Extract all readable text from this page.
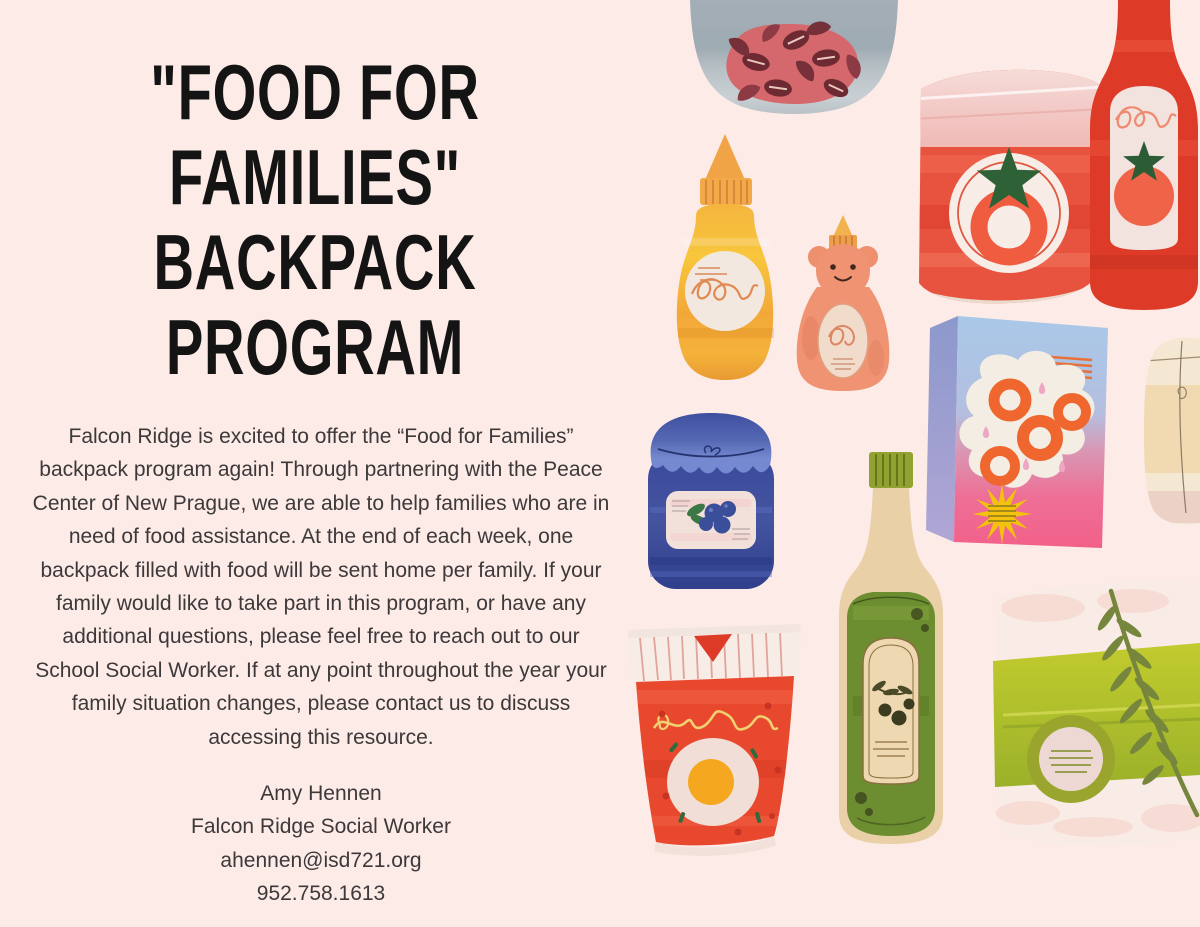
"FOOD FOR
FAMILIES"
BACKPACK
PROGRAM

Falcon Ridge is excited to offer the “Food for Families” backpack program again! Through partnering with the Peace Center of New Prague, we are able to help families who are in need of food assistance. At the end of each week, one backpack filled with food will be sent home per family. If your family would like to take part in this program, or have any additional questions, please feel free to reach out to our School Social Worker. If at any point throughout the year your family situation changes, please contact us to discuss accessing this resource.

Amy Hennen
Falcon Ridge Social Worker
ahennen@isd721.org
952.758.1613
